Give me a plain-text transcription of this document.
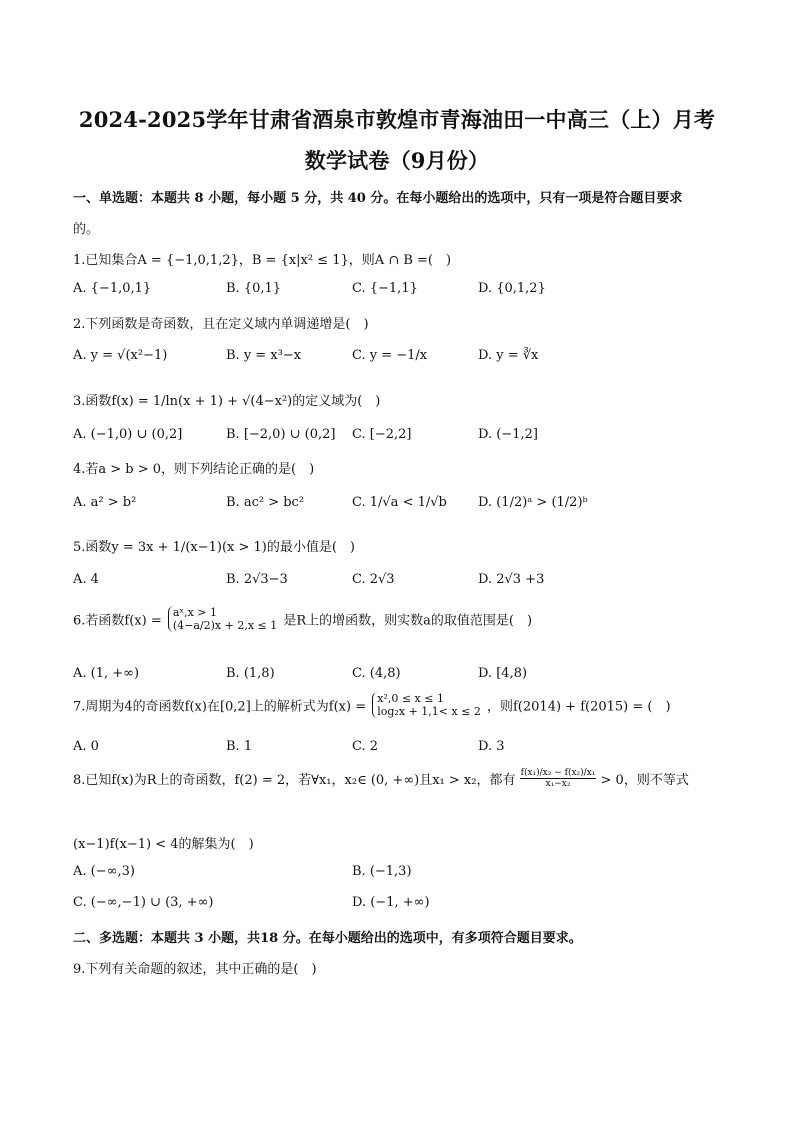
2024-2025学年甘肃省酒泉市敦煌市青海油田一中高三（上）月考
数学试卷（9月份）
一、单选题：本题共 8 小题，每小题 5 分，共 40 分。在每小题给出的选项中，只有一项是符合题目要求
的。
1.已知集合A = {−1,0,1,2}，B = {x|x² ≤ 1}，则A ∩ B =(　)
A. {−1,0,1}	B. {0,1}	C. {−1,1}	D. {0,1,2}
2.下列函数是奇函数，且在定义域内单调递增是(　)
A. y = √(x²−1)	B. y = x³−x	C. y = −1/x	D. y = ∛x
3.函数f(x) = 1/ln(x + 1) + √(4−x²)的定义域为(　)
A. (−1,0) ∪ (0,2]	B. [−2,0) ∪ (0,2] C. [−2,2]	D. (−1,2]
4.若a > b > 0，则下列结论正确的是(　)
A. a² > b²	B. ac² > bc²	C. 1/√a < 1/√b D. (1/2)ᵃ > (1/2)ᵇ
5.函数y = 3x + 1/(x−1)(x > 1)的最小值是(　)
A. 4	B. 2√3−3	C. 2√3	D. 2√3 +3
6.若函数f(x) =
aˣ,x > 1
(4−a/2)x + 2,x ≤ 1 是R上的增函数，则实数a的取值范围是(　)
A. (1, +∞)	B. (1,8)	C. (4,8)	D. [4,8)
7.周期为4的奇函数f(x)在[0,2]上的解析式为f(x) =
x²,0 ≤ x ≤ 1
log₂x + 1,1< x ≤ 2 ，则f(2014) + f(2015) = (　)
A. 0	B. 1	C. 2	D. 3
8.已知f(x)为R上的奇函数，f(2) = 2，若∀x₁，x₂∈ (0, +∞)且x₁ > x₂，都有 $\frac{\text{f(x₁)/x₂ − f(x₂)/x₁}}{\text{x₁−x₂}} > 0$，则不等式
(x−1)f(x−1) < 4的解集为(　)
A. (−∞,3)	B. (−1,3)
C. (−∞,−1) ∪ (3, +∞)	D. (−1, +∞)
二、多选题：本题共 3 小题，共18 分。在每小题给出的选项中，有多项符合题目要求。
9.下列有关命题的叙述，其中正确的是(　)
